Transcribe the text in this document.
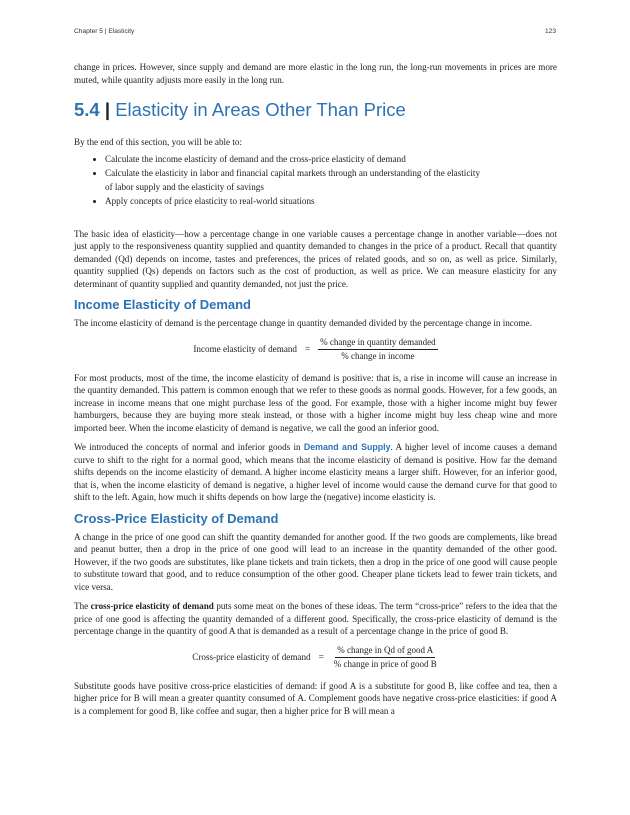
Chapter 5 | Elasticity	123

change in prices. However, since supply and demand are more elastic in the long run, the long-run movements in prices are more muted, while quantity adjusts more easily in the long run.

5.4 | Elasticity in Areas Other Than Price

By the end of this section, you will be able to:

• Calculate the income elasticity of demand and the cross-price elasticity of demand
• Calculate the elasticity in labor and financial capital markets through an understanding of the elasticity of labor supply and the elasticity of savings
• Apply concepts of price elasticity to real-world situations

The basic idea of elasticity—how a percentage change in one variable causes a percentage change in another variable—does not just apply to the responsiveness quantity supplied and quantity demanded to changes in the price of a product. Recall that quantity demanded (Qd) depends on income, tastes and preferences, the prices of related goods, and so on, as well as price. Similarly, quantity supplied (Qs) depends on factors such as the cost of production, as well as price. We can measure elasticity for any determinant of quantity supplied and quantity demanded, not just the price.

Income Elasticity of Demand

The income elasticity of demand is the percentage change in quantity demanded divided by the percentage change in income.

Income elasticity of demand = $\frac{\text{\% change in quantity demanded}}{\text{\% change in income}}$

For most products, most of the time, the income elasticity of demand is positive: that is, a rise in income will cause an increase in the quantity demanded. This pattern is common enough that we refer to these goods as normal goods. However, for a few goods, an increase in income means that one might purchase less of the good. For example, those with a higher income might buy fewer hamburgers, because they are buying more steak instead, or those with a higher income might buy less cheap wine and more imported beer. When the income elasticity of demand is negative, we call the good an inferior good.

We introduced the concepts of normal and inferior goods in Demand and Supply. A higher level of income causes a demand curve to shift to the right for a normal good, which means that the income elasticity of demand is positive. How far the demand shifts depends on the income elasticity of demand. A higher income elasticity means a larger shift. However, for an inferior good, that is, when the income elasticity of demand is negative, a higher level of income would cause the demand curve for that good to shift to the left. Again, how much it shifts depends on how large the (negative) income elasticity is.

Cross-Price Elasticity of Demand

A change in the price of one good can shift the quantity demanded for another good. If the two goods are complements, like bread and peanut butter, then a drop in the price of one good will lead to an increase in the quantity demanded of the other good. However, if the two goods are substitutes, like plane tickets and train tickets, then a drop in the price of one good will cause people to substitute toward that good, and to reduce consumption of the other good. Cheaper plane tickets lead to fewer train tickets, and vice versa.

The cross-price elasticity of demand puts some meat on the bones of these ideas. The term “cross-price” refers to the idea that the price of one good is affecting the quantity demanded of a different good. Specifically, the cross-price elasticity of demand is the percentage change in the quantity of good A that is demanded as a result of a percentage change in the price of good B.

Cross-price elasticity of demand = $\frac{\text{\% change in Qd of good A}}{\text{\% change in price of good B}}$

Substitute goods have positive cross-price elasticities of demand: if good A is a substitute for good B, like coffee and tea, then a higher price for B will mean a greater quantity consumed of A. Complement goods have negative cross-price elasticities: if good A is a complement for good B, like coffee and sugar, then a higher price for B will mean a
